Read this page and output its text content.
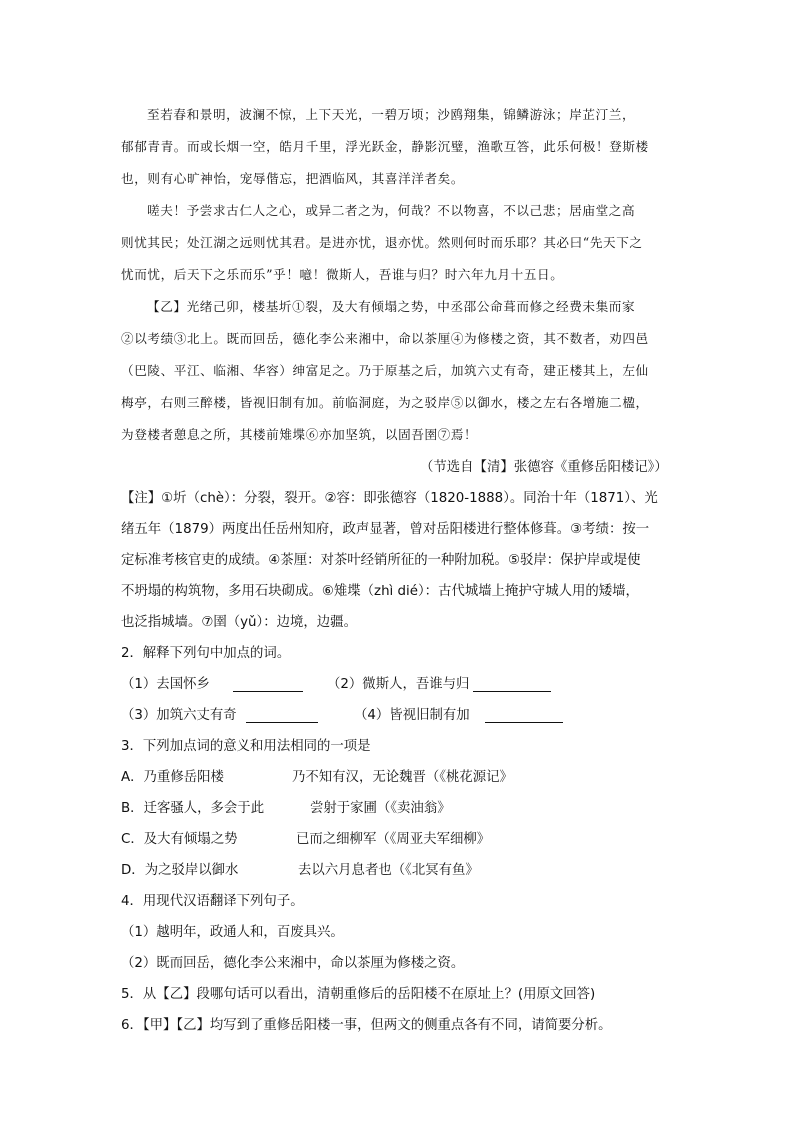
至若春和景明，波澜不惊，上下天光，一碧万顷；沙鸥翔集，锦鳞游泳；岸芷汀兰，
郁郁青青。而或长烟一空，皓月千里，浮光跃金，静影沉璧，渔歌互答，此乐何极！登斯楼
也，则有心旷神怡，宠辱偕忘，把酒临风，其喜洋洋者矣。
嗟夫！予尝求古仁人之心，或异二者之为，何哉？不以物喜，不以己悲；居庙堂之高
则忧其民；处江湖之远则忧其君。是进亦忧，退亦忧。然则何时而乐耶？其必曰“先天下之
忧而忧，后天下之乐而乐”乎！噫！微斯人，吾谁与归？时六年九月十五日。
【乙】光绪己卯，楼基圻①裂，及大有倾塌之势，中丞邵公命葺而修之经费未集而家
②以考绩③北上。既而回岳，德化李公来湘中，命以茶厘④为修楼之资，其不数者，劝四邑
（巴陵、平江、临湘、华容）绅富足之。乃于原基之后，加筑六丈有奇，建正楼其上，左仙
梅亭，右则三醉楼，皆视旧制有加。前临洞庭，为之驳岸⑤以御水，楼之左右各增施二楹，
为登楼者憩息之所，其楼前雉堞⑥亦加坚筑，以固吾圉⑦焉！
（节选自【清】张德容《重修岳阳楼记》）
【注】①圻（chè）：分裂，裂开。②容：即张德容（1820-1888）。同治十年（1871）、光
绪五年（1879）两度出任岳州知府，政声显著，曾对岳阳楼进行整体修葺。③考绩：按一
定标准考核官吏的成绩。④茶厘：对茶叶经销所征的一种附加税。⑤驳岸：保护岸或堤使
不坍塌的构筑物，多用石块砌成。⑥雉堞（zhì dié）：古代城墙上掩护守城人用的矮墙，
也泛指城墙。⑦圉（yǔ）：边境，边疆。
2．解释下列句中加点的词。
（1）去国怀乡	（2）微斯人，吾谁与归
（3）加筑六丈有奇	（4）皆视旧制有加
3．下列加点词的意义和用法相同的一项是
A．乃重修岳阳楼	乃不知有汉，无论魏晋（《桃花源记》
B．迁客骚人，多会于此	尝射于家圃（《卖油翁》
C．及大有倾塌之势	已而之细柳军（《周亚夫军细柳》
D．为之驳岸以御水	去以六月息者也（《北冥有鱼》
4．用现代汉语翻译下列句子。
（1）越明年，政通人和，百废具兴。
（2）既而回岳，德化李公来湘中，命以茶厘为修楼之资。
5．从【乙】段哪句话可以看出，清朝重修后的岳阳楼不在原址上？(用原文回答)
6．【甲】【乙】均写到了重修岳阳楼一事，但两文的侧重点各有不同，请简要分析。
